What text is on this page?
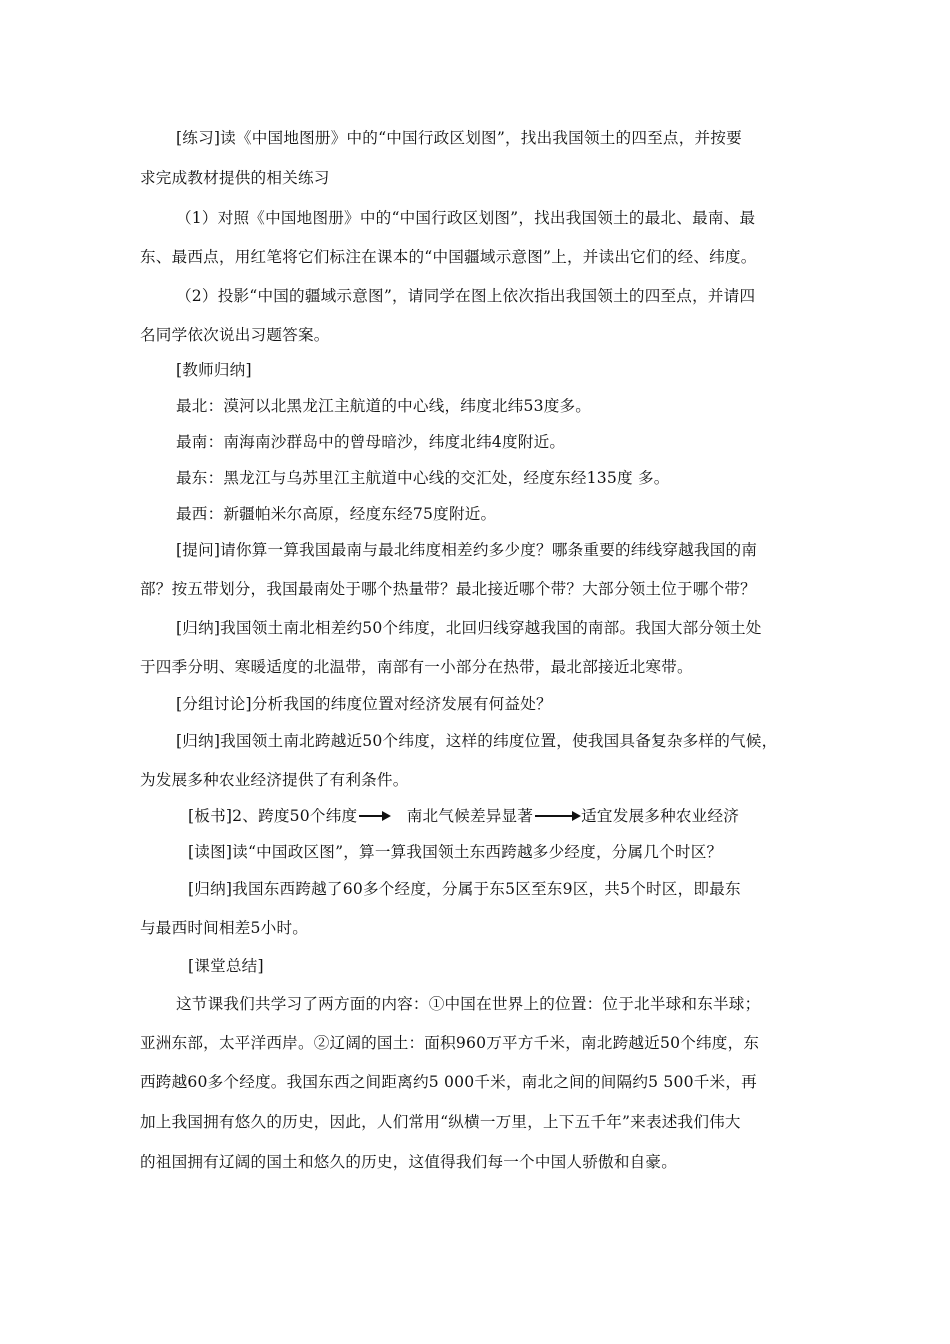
[练习]读《中国地图册》中的“中国行政区划图”，找出我国领土的四至点，并按要
求完成教材提供的相关练习
（1）对照《中国地图册》中的“中国行政区划图”，找出我国领土的最北、最南、最
东、最西点，用红笔将它们标注在课本的“中国疆域示意图”上，并读出它们的经、纬度。
（2）投影“中国的疆域示意图”，请同学在图上依次指出我国领土的四至点，并请四
名同学依次说出习题答案。
[教师归纳]
最北：漠河以北黑龙江主航道的中心线，纬度北纬53度多。
最南：南海南沙群岛中的曾母暗沙，纬度北纬4度附近。
最东：黑龙江与乌苏里江主航道中心线的交汇处，经度东经135度 多。
最西：新疆帕米尔高原，经度东经75度附近。
[提问]请你算一算我国最南与最北纬度相差约多少度？哪条重要的纬线穿越我国的南
部？按五带划分，我国最南处于哪个热量带？最北接近哪个带？大部分领土位于哪个带？
[归纳]我国领土南北相差约50个纬度，北回归线穿越我国的南部。我国大部分领土处
于四季分明、寒暖适度的北温带，南部有一小部分在热带，最北部接近北寒带。
[分组讨论]分析我国的纬度位置对经济发展有何益处？
[归纳]我国领土南北跨越近50个纬度，这样的纬度位置，使我国具备复杂多样的气候，
为发展多种农业经济提供了有利条件。
[板书]2、跨度50个纬度	南北气候差异显著	适宜发展多种农业经济
[读图]读“中国政区图”，算一算我国领土东西跨越多少经度，分属几个时区？
[归纳]我国东西跨越了60多个经度，分属于东5区至东9区，共5个时区，即最东
与最西时间相差5小时。
[课堂总结]
这节课我们共学习了两方面的内容：①中国在世界上的位置：位于北半球和东半球；
亚洲东部，太平洋西岸。②辽阔的国土：面积960万平方千米，南北跨越近50个纬度，东
西跨越60多个经度。我国东西之间距离约5 000千米，南北之间的间隔约5 500千米，再
加上我国拥有悠久的历史，因此，人们常用“纵横一万里，上下五千年”来表述我们伟大
的祖国拥有辽阔的国土和悠久的历史，这值得我们每一个中国人骄傲和自豪。
